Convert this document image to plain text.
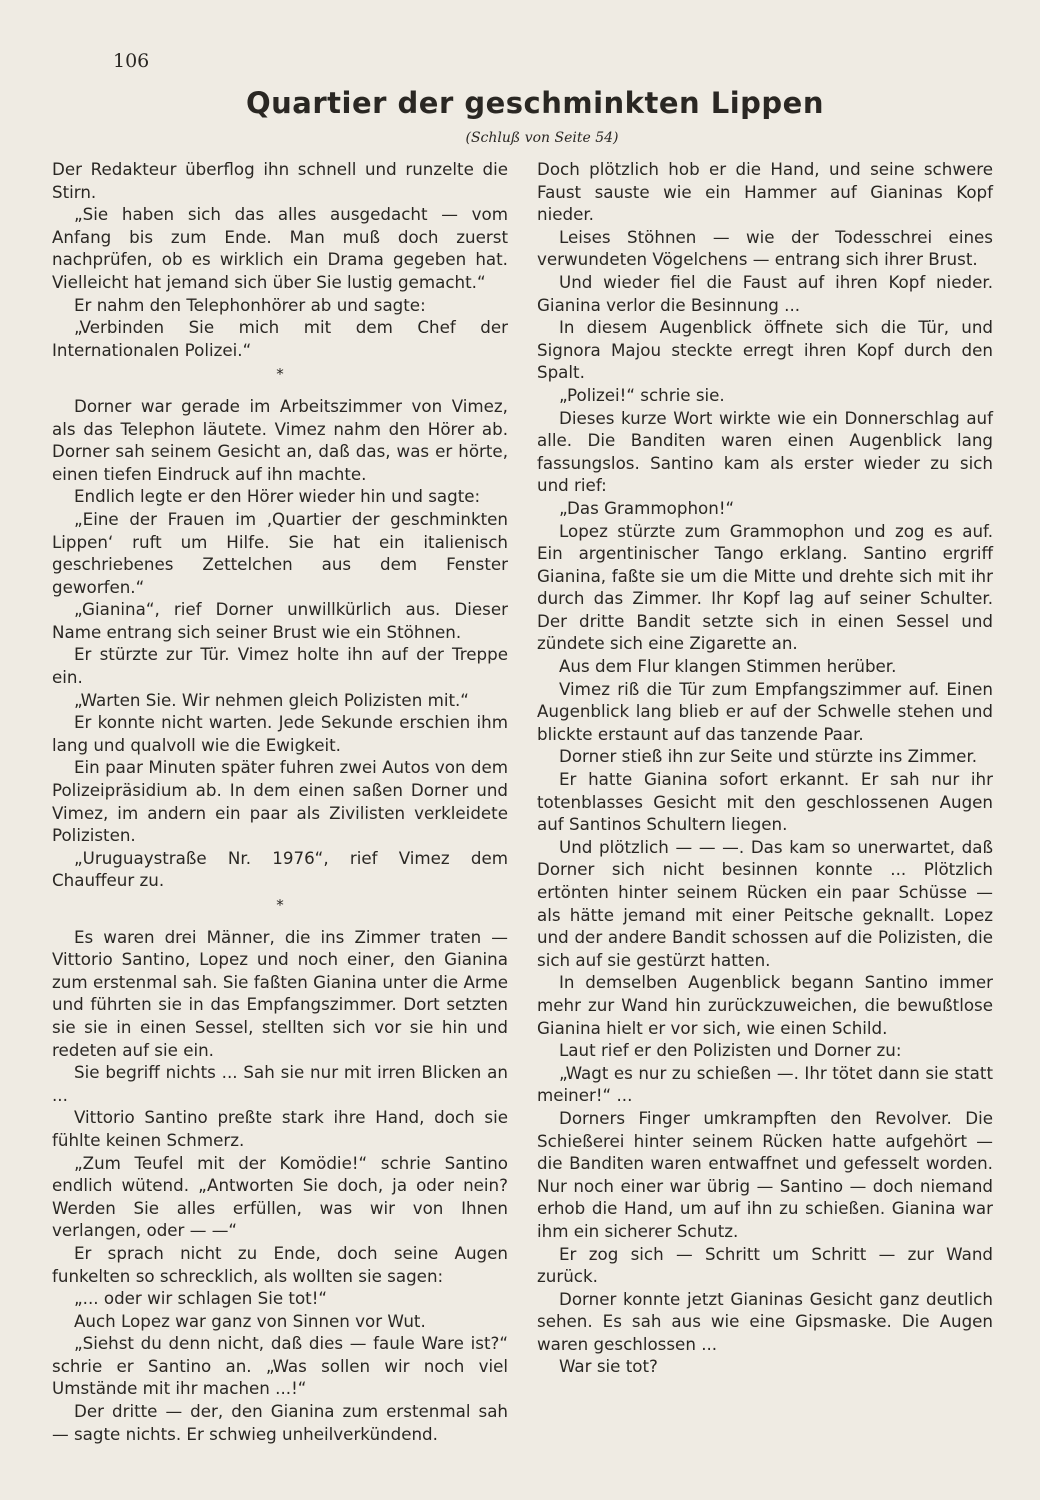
106
Quartier der geschminkten Lippen
(Schluß von Seite 54)

Der Redakteur überflog ihn schnell und runzelte die Stirn.

„Sie haben sich das alles ausgedacht — vom Anfang bis zum Ende. Man muß doch zuerst nachprüfen, ob es wirklich ein Drama gegeben hat. Vielleicht hat jemand sich über Sie lustig gemacht.“

Er nahm den Telephonhörer ab und sagte:

„Verbinden Sie mich mit dem Chef der Internationalen Polizei.“

*

Dorner war gerade im Arbeitszimmer von Vimez, als das Telephon läutete. Vimez nahm den Hörer ab. Dorner sah seinem Gesicht an, daß das, was er hörte, einen tiefen Eindruck auf ihn machte.

Endlich legte er den Hörer wieder hin und sagte:

„Eine der Frauen im ‚Quartier der geschminkten Lippen‘ ruft um Hilfe. Sie hat ein italienisch geschriebenes Zettelchen aus dem Fenster geworfen.“

„Gianina“, rief Dorner unwillkürlich aus. Dieser Name entrang sich seiner Brust wie ein Stöhnen.

Er stürzte zur Tür. Vimez holte ihn auf der Treppe ein.

„Warten Sie. Wir nehmen gleich Polizisten mit.“

Er konnte nicht warten. Jede Sekunde erschien ihm lang und qualvoll wie die Ewigkeit.

Ein paar Minuten später fuhren zwei Autos von dem Polizeipräsidium ab. In dem einen saßen Dorner und Vimez, im andern ein paar als Zivilisten verkleidete Polizisten.

„Uruguaystraße Nr. 1976“, rief Vimez dem Chauffeur zu.

*

Es waren drei Männer, die ins Zimmer traten — Vittorio Santino, Lopez und noch einer, den Gianina zum erstenmal sah. Sie faßten Gianina unter die Arme und führten sie in das Empfangszimmer. Dort setzten sie sie in einen Sessel, stellten sich vor sie hin und redeten auf sie ein.

Sie begriff nichts ... Sah sie nur mit irren Blicken an ...

Vittorio Santino preßte stark ihre Hand, doch sie fühlte keinen Schmerz.

„Zum Teufel mit der Komödie!“ schrie Santino endlich wütend. „Antworten Sie doch, ja oder nein? Werden Sie alles erfüllen, was wir von Ihnen verlangen, oder — —“

Er sprach nicht zu Ende, doch seine Augen funkelten so schrecklich, als wollten sie sagen:

„... oder wir schlagen Sie tot!“

Auch Lopez war ganz von Sinnen vor Wut.

„Siehst du denn nicht, daß dies — faule Ware ist?“ schrie er Santino an. „Was sollen wir noch viel Umstände mit ihr machen ...!“

Der dritte — der, den Gianina zum erstenmal sah — sagte nichts. Er schwieg unheilverkündend.

Doch plötzlich hob er die Hand, und seine schwere Faust sauste wie ein Hammer auf Gianinas Kopf nieder.

Leises Stöhnen — wie der Todesschrei eines verwundeten Vögelchens — entrang sich ihrer Brust.

Und wieder fiel die Faust auf ihren Kopf nieder. Gianina verlor die Besinnung ...

In diesem Augenblick öffnete sich die Tür, und Signora Majou steckte erregt ihren Kopf durch den Spalt.

„Polizei!“ schrie sie.

Dieses kurze Wort wirkte wie ein Donnerschlag auf alle. Die Banditen waren einen Augenblick lang fassungslos. Santino kam als erster wieder zu sich und rief:

„Das Grammophon!“

Lopez stürzte zum Grammophon und zog es auf. Ein argentinischer Tango erklang. Santino ergriff Gianina, faßte sie um die Mitte und drehte sich mit ihr durch das Zimmer. Ihr Kopf lag auf seiner Schulter. Der dritte Bandit setzte sich in einen Sessel und zündete sich eine Zigarette an.

Aus dem Flur klangen Stimmen herüber.

Vimez riß die Tür zum Empfangszimmer auf. Einen Augenblick lang blieb er auf der Schwelle stehen und blickte erstaunt auf das tanzende Paar.

Dorner stieß ihn zur Seite und stürzte ins Zimmer.

Er hatte Gianina sofort erkannt. Er sah nur ihr totenblasses Gesicht mit den geschlossenen Augen auf Santinos Schultern liegen.

Und plötzlich — — —. Das kam so unerwartet, daß Dorner sich nicht besinnen konnte ... Plötzlich ertönten hinter seinem Rücken ein paar Schüsse — als hätte jemand mit einer Peitsche geknallt. Lopez und der andere Bandit schossen auf die Polizisten, die sich auf sie gestürzt hatten.

In demselben Augenblick begann Santino immer mehr zur Wand hin zurückzuweichen, die bewußtlose Gianina hielt er vor sich, wie einen Schild.

Laut rief er den Polizisten und Dorner zu:

„Wagt es nur zu schießen —. Ihr tötet dann sie statt meiner!“ ...

Dorners Finger umkrampften den Revolver. Die Schießerei hinter seinem Rücken hatte aufgehört — die Banditen waren entwaffnet und gefesselt worden. Nur noch einer war übrig — Santino — doch niemand erhob die Hand, um auf ihn zu schießen. Gianina war ihm ein sicherer Schutz.

Er zog sich — Schritt um Schritt — zur Wand zurück.

Dorner konnte jetzt Gianinas Gesicht ganz deutlich sehen. Es sah aus wie eine Gipsmaske. Die Augen waren geschlossen ...

War sie tot?
